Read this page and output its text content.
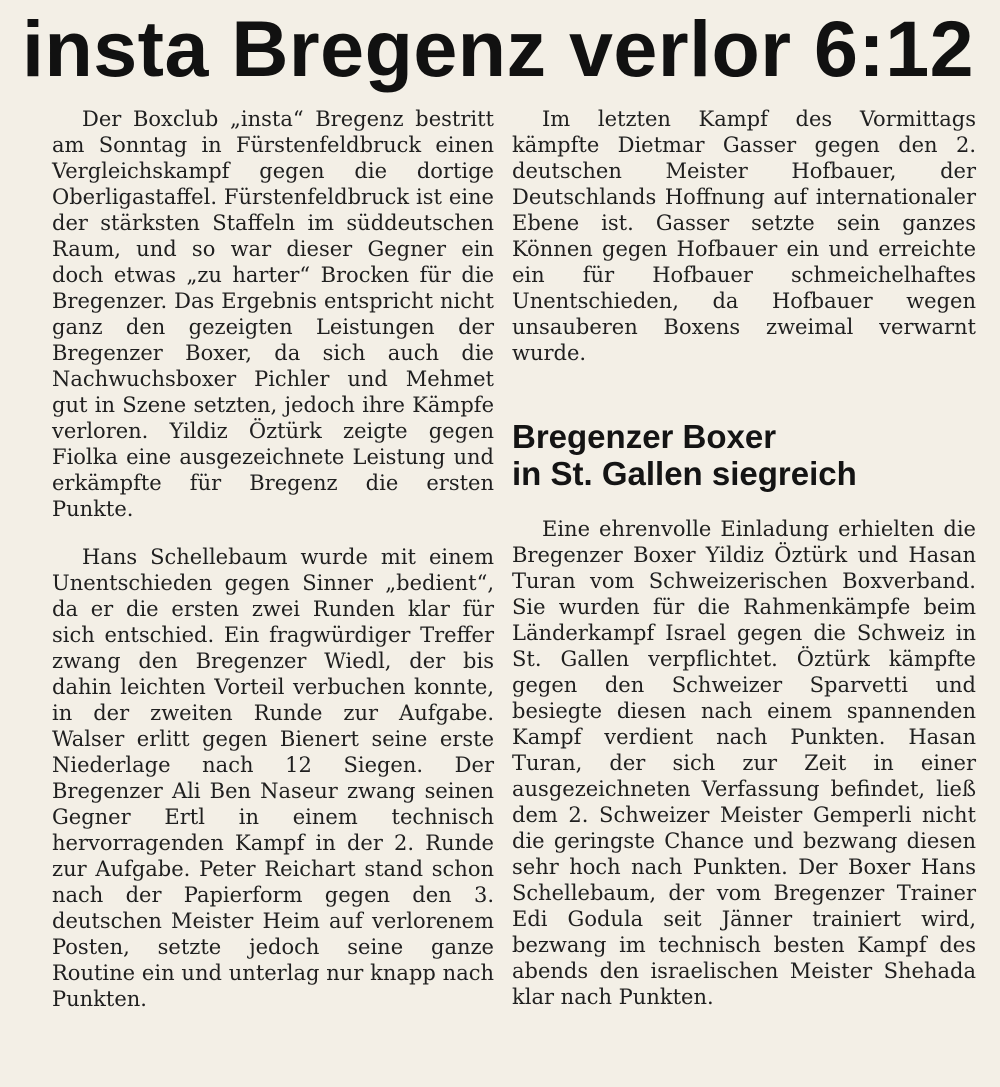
insta Bregenz verlor 6:12

Der Boxclub „insta“ Bregenz bestritt am Sonntag in Fürstenfeldbruck einen Vergleichskampf gegen die dortige Oberligastaffel. Fürstenfeldbruck ist eine der stärksten Staffeln im süddeutschen Raum, und so war dieser Gegner ein doch etwas „zu harter“ Brocken für die Bregenzer. Das Ergebnis entspricht nicht ganz den gezeigten Leistungen der Bregenzer Boxer, da sich auch die Nachwuchsboxer Pichler und Mehmet gut in Szene setzten, jedoch ihre Kämpfe verloren. Yildiz Öztürk zeigte gegen Fiolka eine ausgezeichnete Leistung und erkämpfte für Bregenz die ersten Punkte.

Hans Schellebaum wurde mit einem Unentschieden gegen Sinner „bedient“, da er die ersten zwei Runden klar für sich entschied. Ein fragwürdiger Treffer zwang den Bregenzer Wiedl, der bis dahin leichten Vorteil verbuchen konnte, in der zweiten Runde zur Aufgabe. Walser erlitt gegen Bienert seine erste Niederlage nach 12 Siegen. Der Bregenzer Ali Ben Naseur zwang seinen Gegner Ertl in einem technisch hervorragenden Kampf in der 2. Runde zur Aufgabe. Peter Reichart stand schon nach der Papierform gegen den 3. deutschen Meister Heim auf verlorenem Posten, setzte jedoch seine ganze Routine ein und unterlag nur knapp nach Punkten.

Im letzten Kampf des Vormittags kämpfte Dietmar Gasser gegen den 2. deutschen Meister Hofbauer, der Deutschlands Hoffnung auf internationaler Ebene ist. Gasser setzte sein ganzes Können gegen Hofbauer ein und erreichte ein für Hofbauer schmeichelhaftes Unentschieden, da Hofbauer wegen unsauberen Boxens zweimal verwarnt wurde.

Bregenzer Boxer
in St. Gallen siegreich

Eine ehrenvolle Einladung erhielten die Bregenzer Boxer Yildiz Öztürk und Hasan Turan vom Schweizerischen Boxverband. Sie wurden für die Rahmenkämpfe beim Länderkampf Israel gegen die Schweiz in St. Gallen verpflichtet. Öztürk kämpfte gegen den Schweizer Sparvetti und besiegte diesen nach einem spannenden Kampf verdient nach Punkten. Hasan Turan, der sich zur Zeit in einer ausgezeichneten Verfassung befindet, ließ dem 2. Schweizer Meister Gemperli nicht die geringste Chance und bezwang diesen sehr hoch nach Punkten. Der Boxer Hans Schellebaum, der vom Bregenzer Trainer Edi Godula seit Jänner trainiert wird, bezwang im technisch besten Kampf des abends den israelischen Meister Shehada klar nach Punkten.
